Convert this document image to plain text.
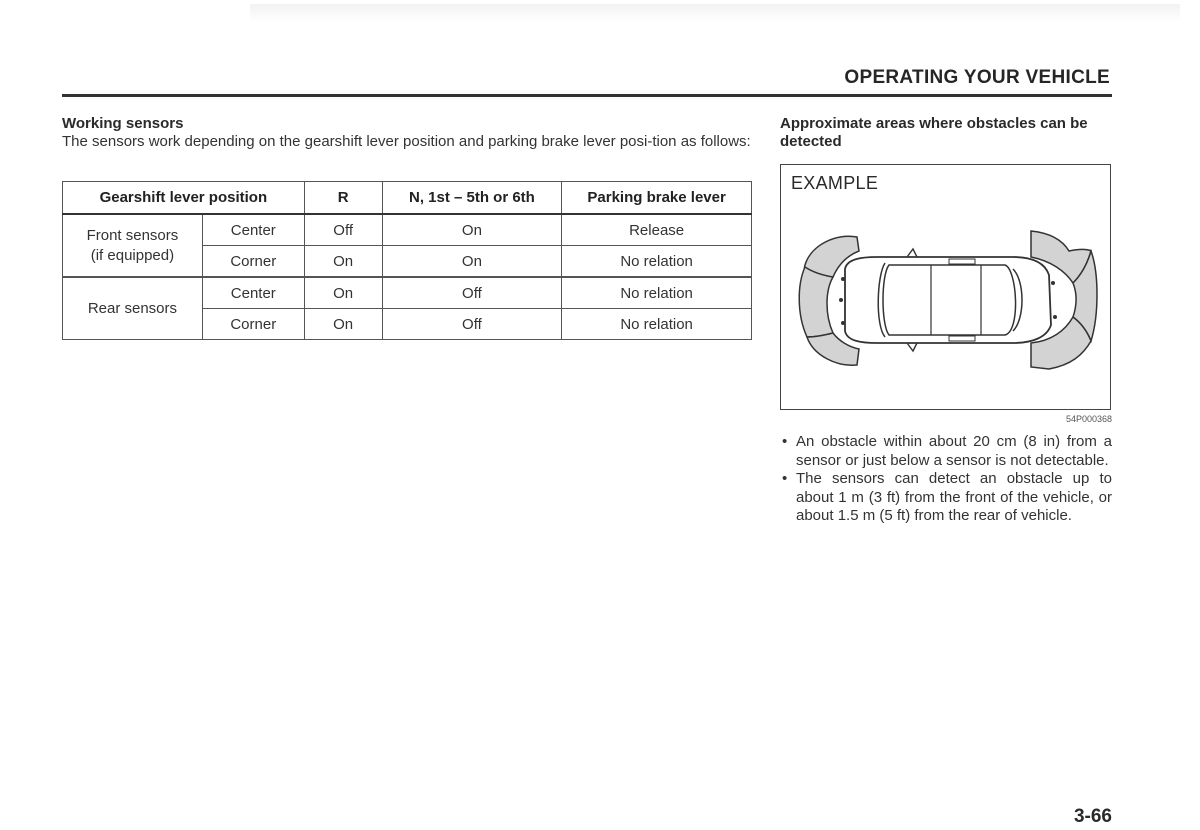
OPERATING YOUR VEHICLE
Working sensors
The sensors work depending on the gearshift lever position and parking brake lever posi-tion as follows:
Gearshift lever position		R	N, 1st – 5th or 6th	Parking brake lever

Front sensors
(if equipped)	Center	Off	On	Release
	Corner	On	On	No relation
Rear sensors	Center	On	Off	No relation
	Corner	On	Off	No relation
Approximate areas where obstacles can be detected
EXAMPLE
54P000368
• An obstacle within about 20 cm (8 in) from a sensor or just below a sensor is not detectable.
• The sensors can detect an obstacle up to about 1 m (3 ft) from the front of the vehicle, or about 1.5 m (5 ft) from the rear of vehicle.
3-66
